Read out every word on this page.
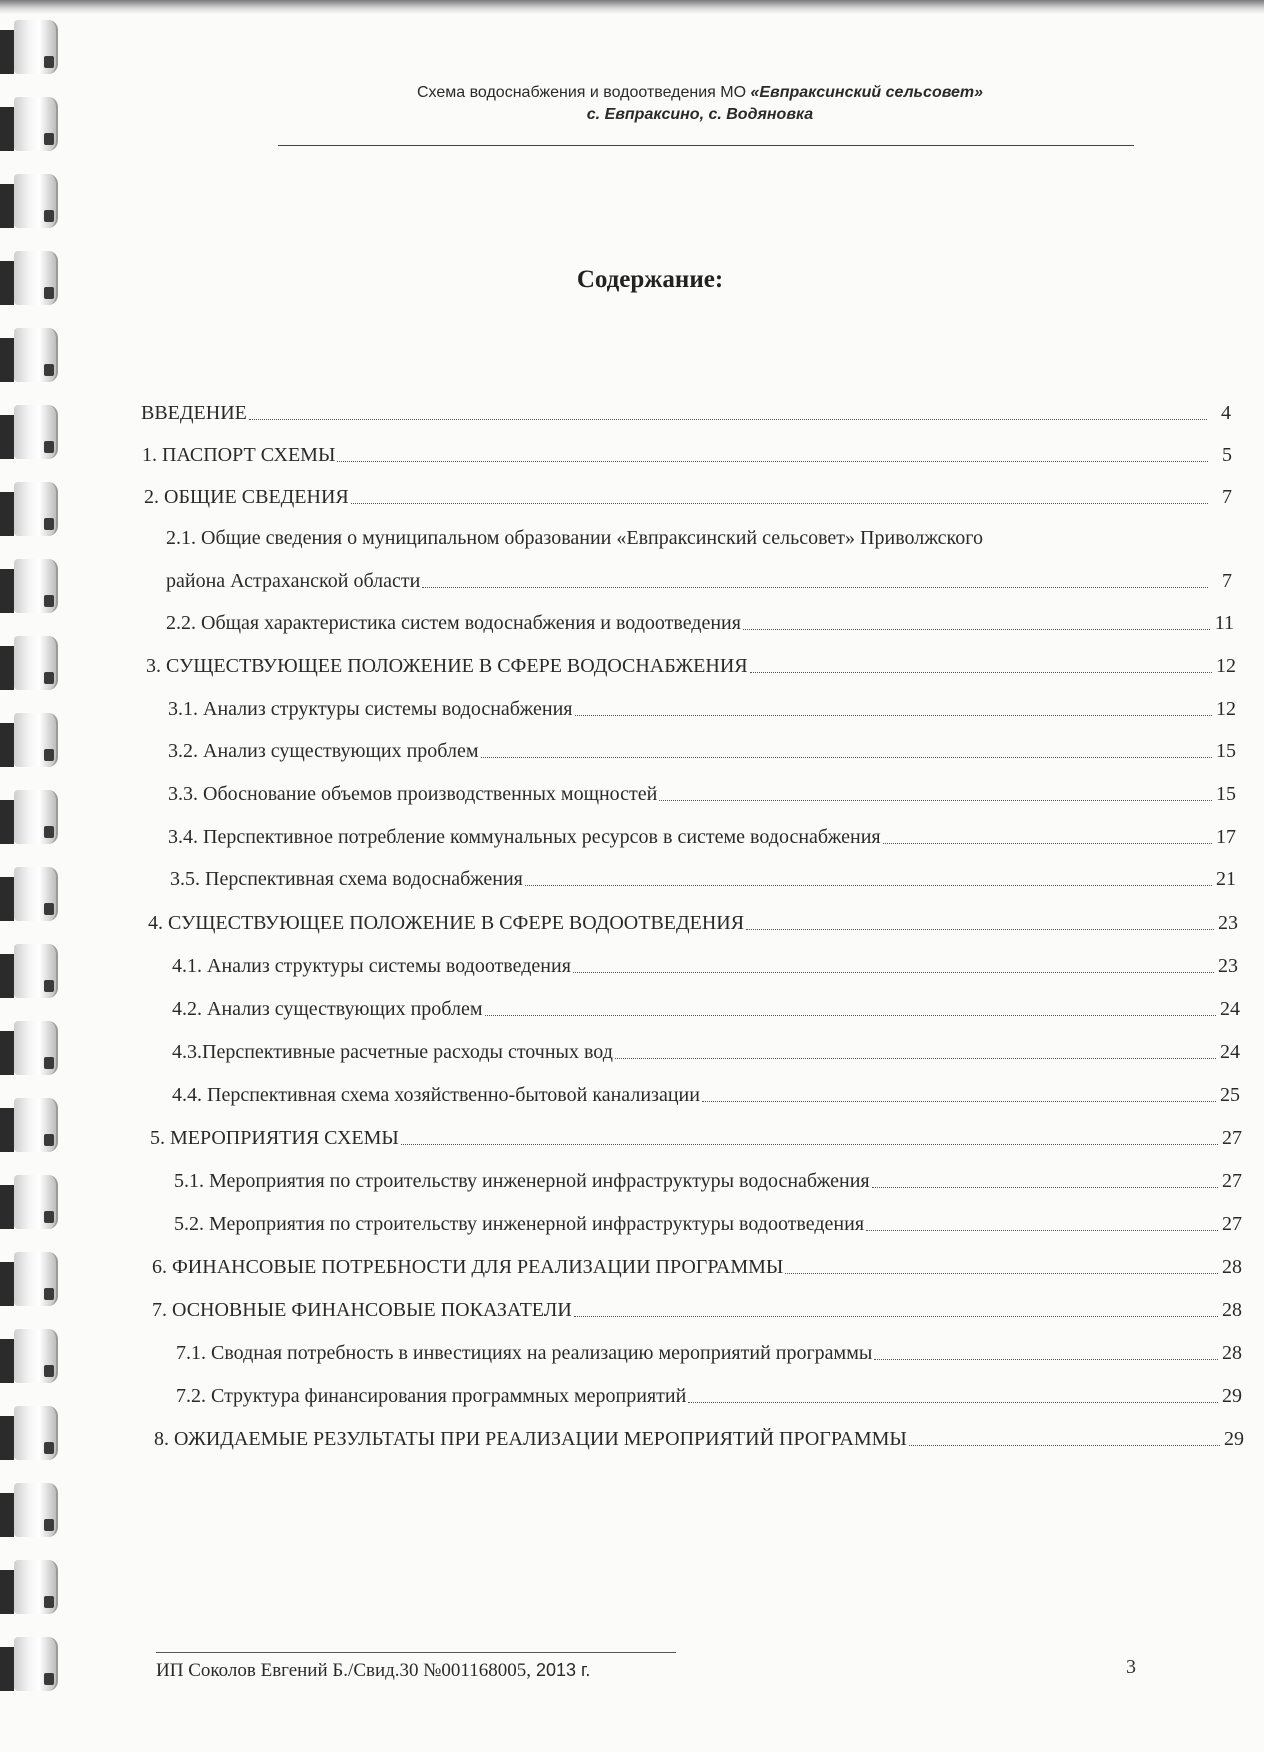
Схема водоснабжения и водоотведения МО «Евпраксинский сельсовет»
с. Евпраксино, с. Водяновка
Содержание:
ВВЕДЕНИЕ	4
1. ПАСПОРТ СХЕМЫ	5
2. ОБЩИЕ СВЕДЕНИЯ	7
2.1. Общие сведения о муниципальном образовании «Евпраксинский сельсовет» Приволжского
района Астраханской области	7
2.2. Общая характеристика систем водоснабжения и водоотведения	11
3. СУЩЕСТВУЮЩЕЕ ПОЛОЖЕНИЕ В СФЕРЕ ВОДОСНАБЖЕНИЯ	12
3.1. Анализ структуры системы водоснабжения	12
3.2. Анализ существующих проблем	15
3.3. Обоснование объемов производственных мощностей	15
3.4. Перспективное потребление коммунальных ресурсов в системе водоснабжения	17
3.5. Перспективная схема водоснабжения	21
4. СУЩЕСТВУЮЩЕЕ ПОЛОЖЕНИЕ В СФЕРЕ ВОДООТВЕДЕНИЯ	23
4.1. Анализ структуры системы водоотведения	23
4.2. Анализ существующих проблем	24
4.3.Перспективные расчетные расходы сточных вод	24
4.4. Перспективная схема хозяйственно-бытовой канализации	25
5. МЕРОПРИЯТИЯ СХЕМЫ	27
5.1. Мероприятия по строительству инженерной инфраструктуры водоснабжения	27
5.2. Мероприятия по строительству инженерной инфраструктуры водоотведения	27
6. ФИНАНСОВЫЕ ПОТРЕБНОСТИ ДЛЯ РЕАЛИЗАЦИИ ПРОГРАММЫ	28
7. ОСНОВНЫЕ ФИНАНСОВЫЕ ПОКАЗАТЕЛИ	28
7.1. Сводная потребность в инвестициях на реализацию мероприятий программы	28
7.2. Структура финансирования программных мероприятий	29
8. ОЖИДАЕМЫЕ РЕЗУЛЬТАТЫ ПРИ РЕАЛИЗАЦИИ МЕРОПРИЯТИЙ ПРОГРАММЫ	29
ИП Соколов Евгений Б./Свид.30 №001168005, 2013 г.	3
